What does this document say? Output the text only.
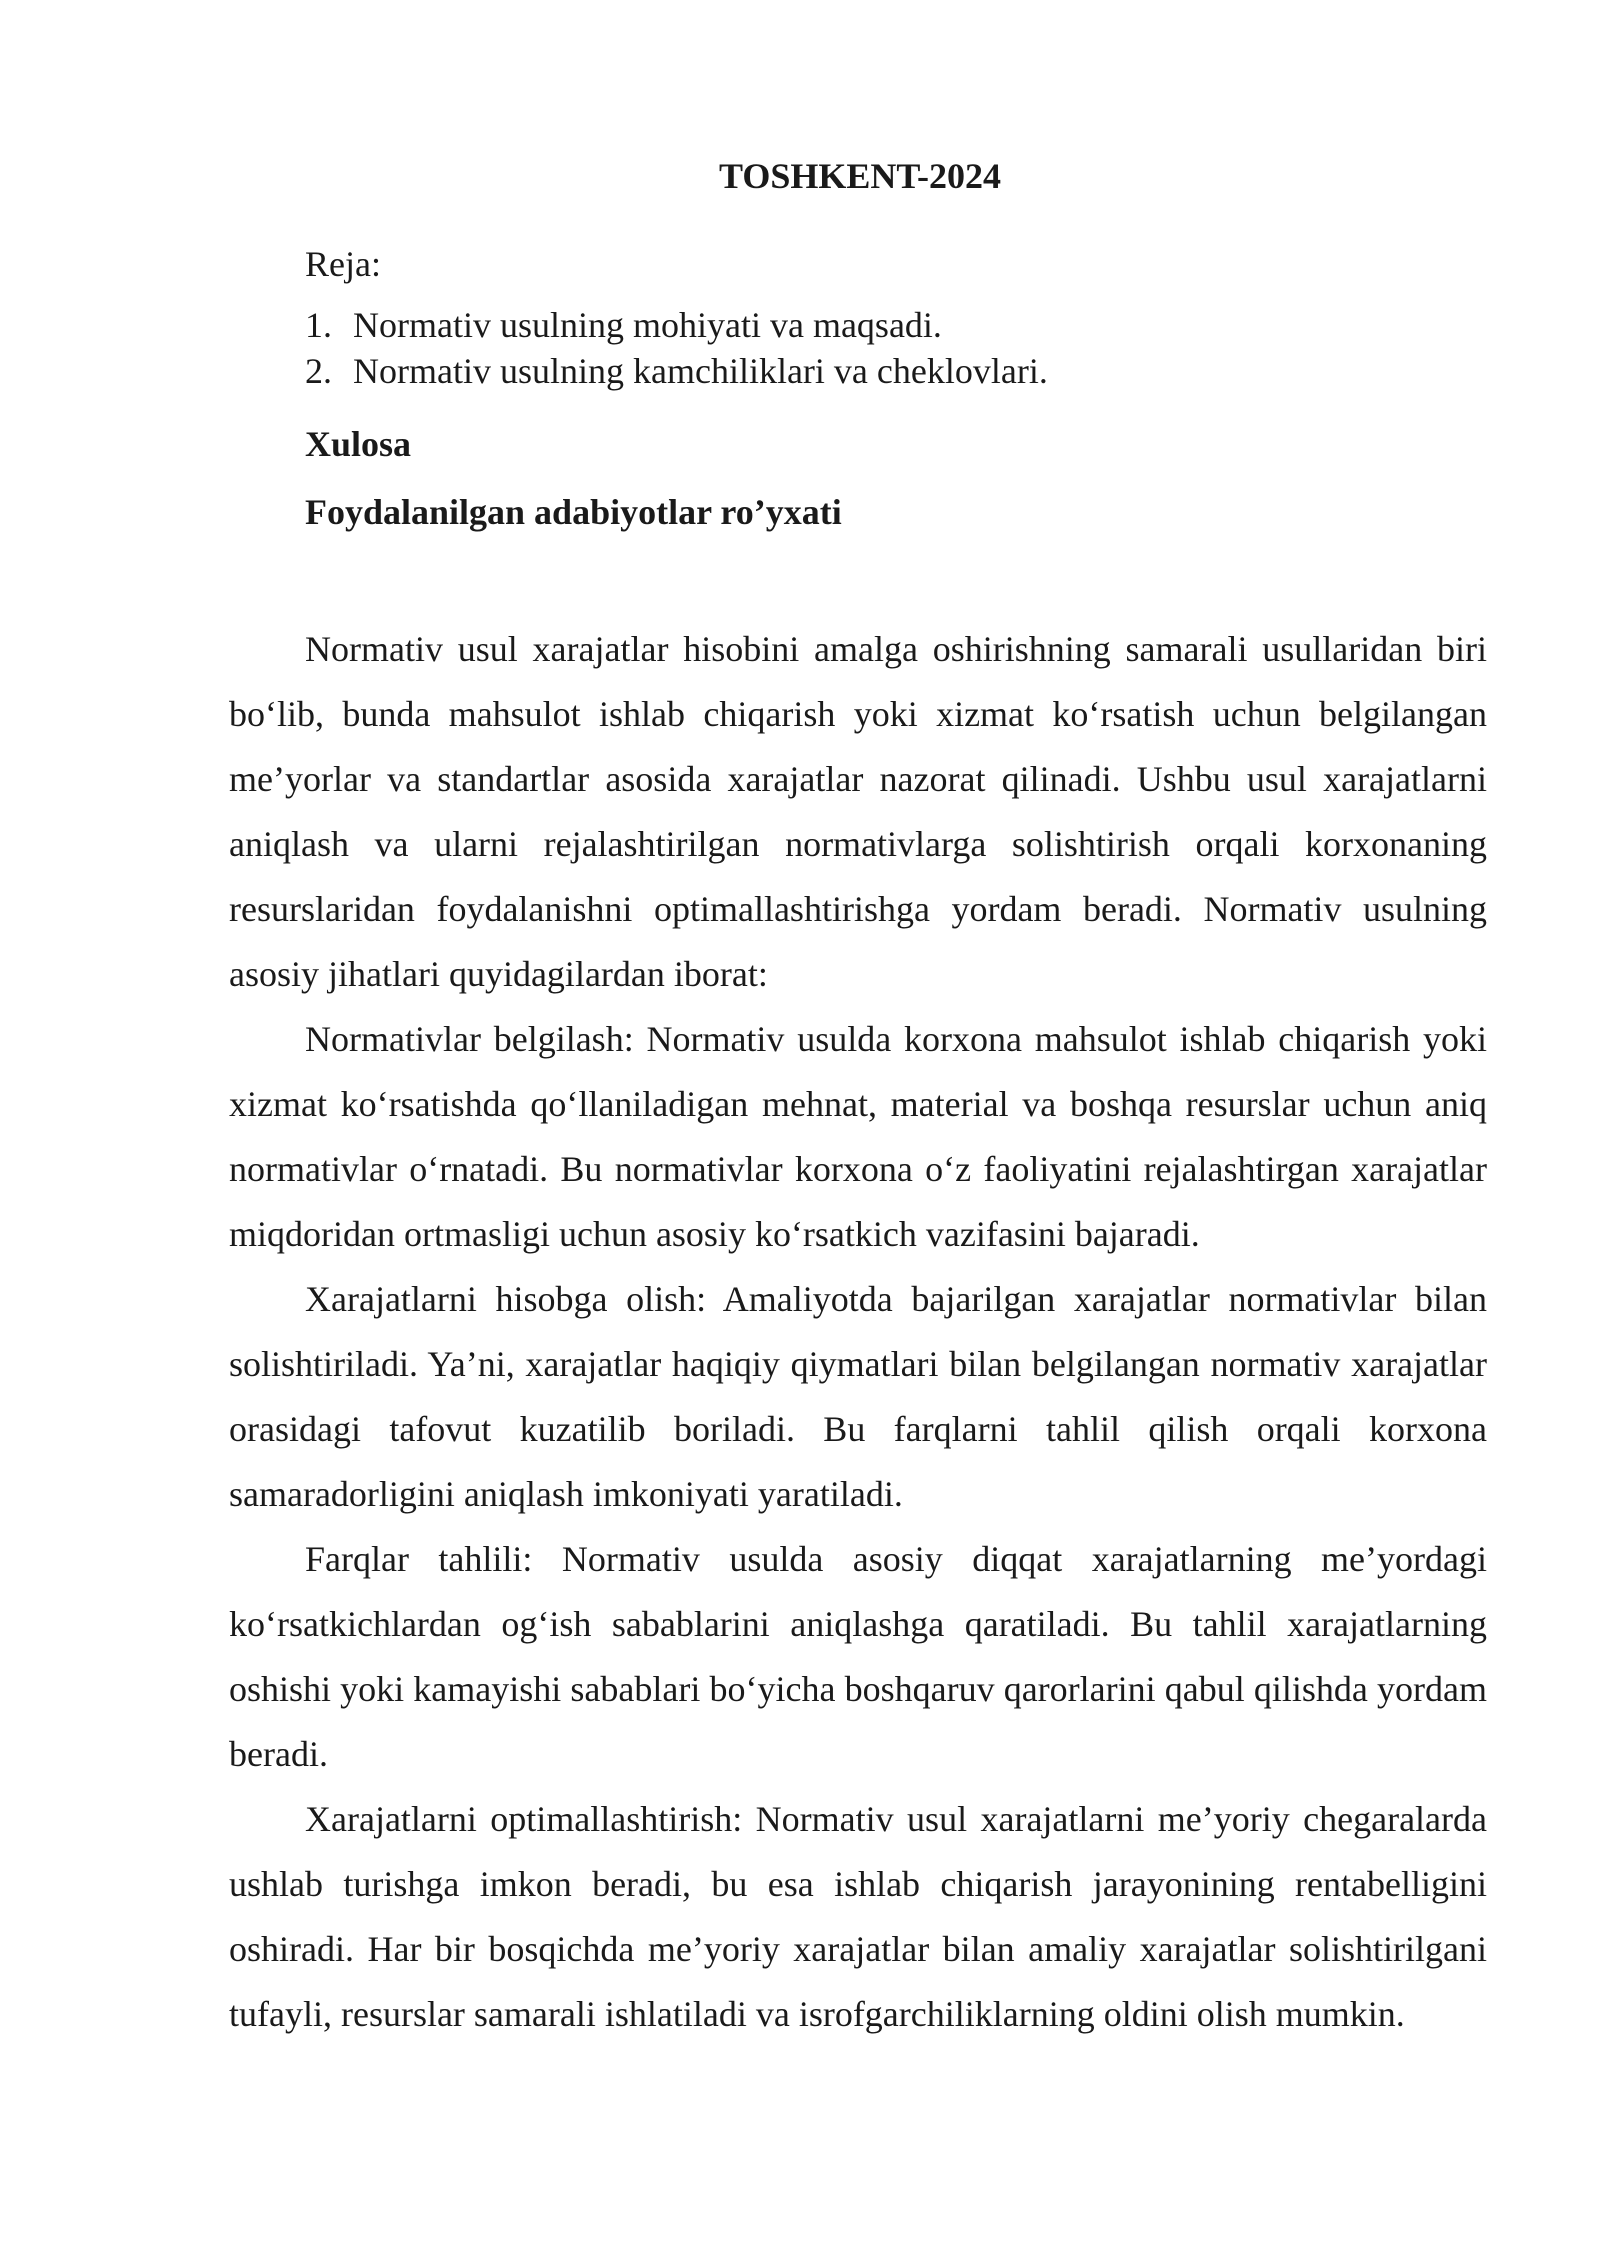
TOSHKENT-2024
Reja:
1. Normativ usulning mohiyati va maqsadi.
2. Normativ usulning kamchiliklari va cheklovlari.
Xulosa
Foydalanilgan adabiyotlar ro’yxati

Normativ usul xarajatlar hisobini amalga oshirishning samarali usullaridan biri bo‘lib, bunda mahsulot ishlab chiqarish yoki xizmat ko‘rsatish uchun belgilangan me’yorlar va standartlar asosida xarajatlar nazorat qilinadi. Ushbu usul xarajatlarni aniqlash va ularni rejalashtirilgan normativlarga solishtirish orqali korxonaning resurslaridan foydalanishni optimallashtirishga yordam beradi. Normativ usulning asosiy jihatlari quyidagilardan iborat:

Normativlar belgilash: Normativ usulda korxona mahsulot ishlab chiqarish yoki xizmat ko‘rsatishda qo‘llaniladigan mehnat, material va boshqa resurslar uchun aniq normativlar o‘rnatadi. Bu normativlar korxona o‘z faoliyatini rejalashtirgan xarajatlar miqdoridan ortmasligi uchun asosiy ko‘rsatkich vazifasini bajaradi.

Xarajatlarni hisobga olish: Amaliyotda bajarilgan xarajatlar normativlar bilan solishtiriladi. Ya’ni, xarajatlar haqiqiy qiymatlari bilan belgilangan normativ xarajatlar orasidagi tafovut kuzatilib boriladi. Bu farqlarni tahlil qilish orqali korxona samaradorligini aniqlash imkoniyati yaratiladi.

Farqlar tahlili: Normativ usulda asosiy diqqat xarajatlarning me’yordagi ko‘rsatkichlardan og‘ish sabablarini aniqlashga qaratiladi. Bu tahlil xarajatlarning oshishi yoki kamayishi sabablari bo‘yicha boshqaruv qarorlarini qabul qilishda yordam beradi.

Xarajatlarni optimallashtirish: Normativ usul xarajatlarni me’yoriy chegaralarda ushlab turishga imkon beradi, bu esa ishlab chiqarish jarayonining rentabelligini oshiradi. Har bir bosqichda me’yoriy xarajatlar bilan amaliy xarajatlar solishtirilgani tufayli, resurslar samarali ishlatiladi va isrofgarchiliklarning oldini olish mumkin.
